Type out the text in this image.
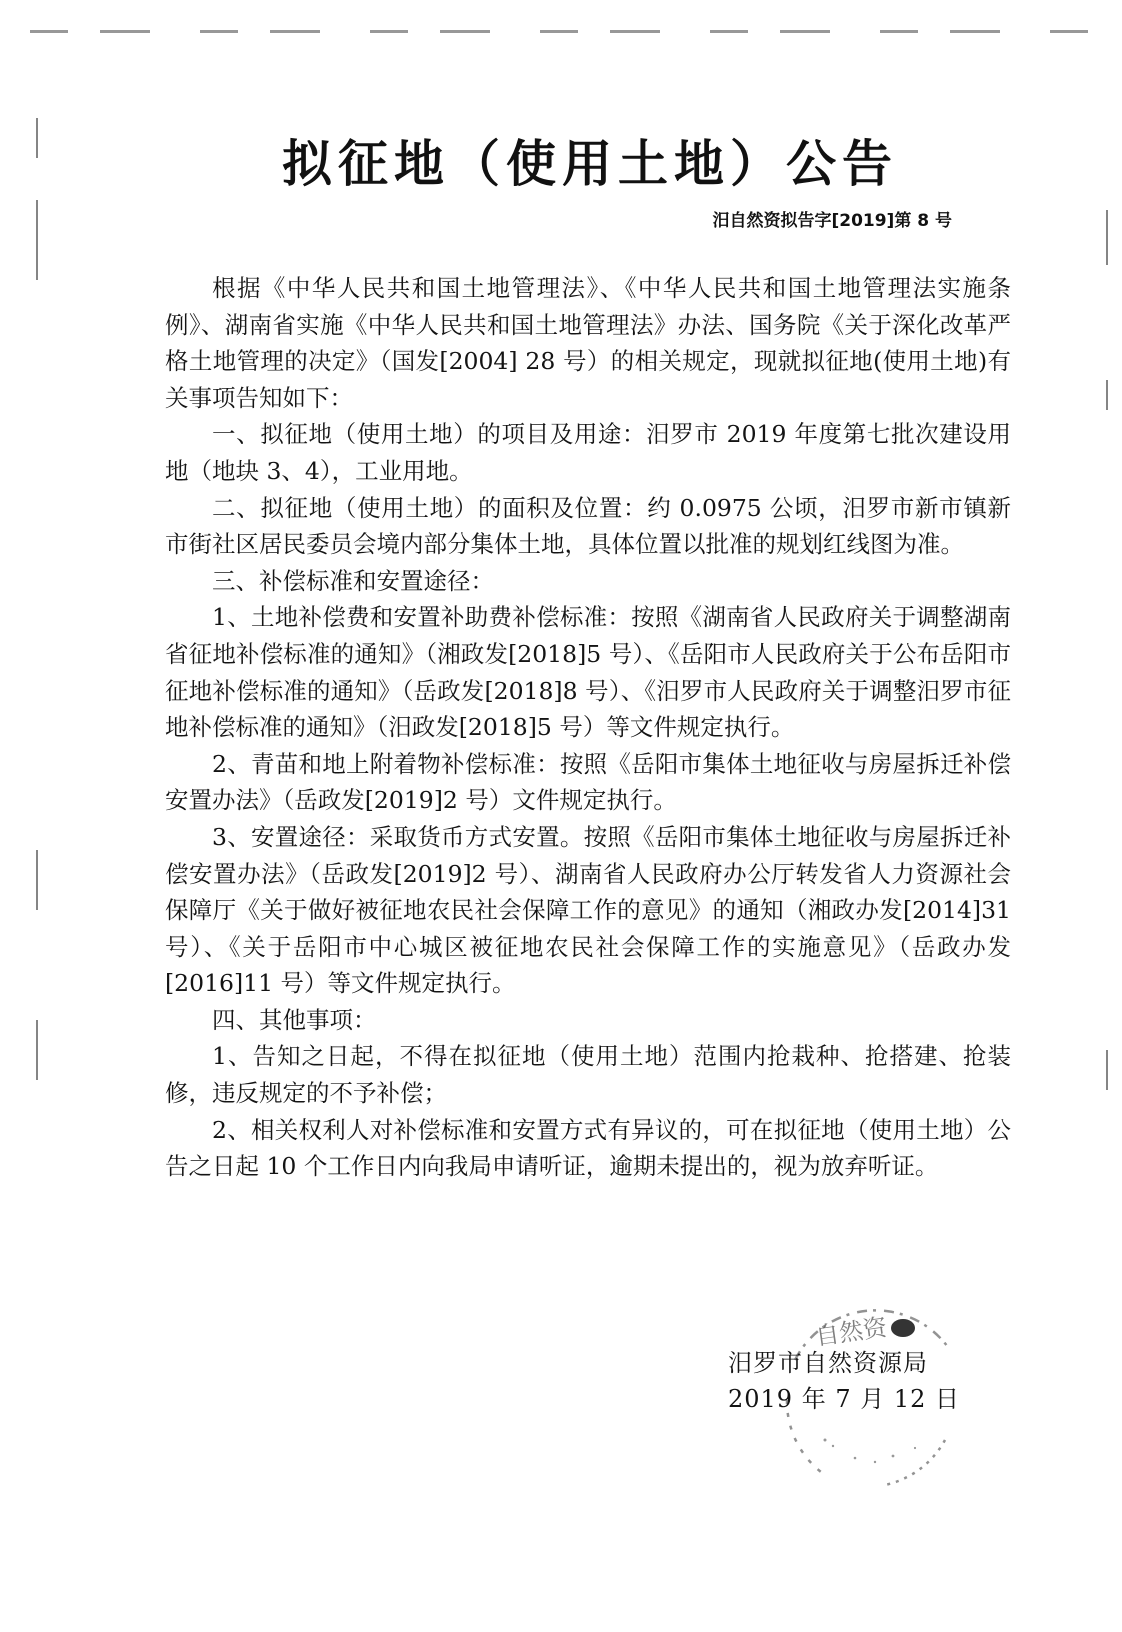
拟征地（使用土地）公告
汨自然资拟告字[2019]第 8 号

根据《中华人民共和国土地管理法》、《中华人民共和国土地管理法实施条例》、湖南省实施《中华人民共和国土地管理法》办法、国务院《关于深化改革严格土地管理的决定》（国发[2004] 28 号）的相关规定，现就拟征地(使用土地)有关事项告知如下：

一、拟征地（使用土地）的项目及用途：汨罗市 2019 年度第七批次建设用地（地块 3、4），工业用地。

二、拟征地（使用土地）的面积及位置：约 0.0975 公顷，汨罗市新市镇新市街社区居民委员会境内部分集体土地，具体位置以批准的规划红线图为准。

三、补偿标准和安置途径：

1、土地补偿费和安置补助费补偿标准：按照《湖南省人民政府关于调整湖南省征地补偿标准的通知》（湘政发[2018]5 号）、《岳阳市人民政府关于公布岳阳市征地补偿标准的通知》（岳政发[2018]8 号）、《汨罗市人民政府关于调整汨罗市征地补偿标准的通知》（汨政发[2018]5 号）等文件规定执行。

2、青苗和地上附着物补偿标准：按照《岳阳市集体土地征收与房屋拆迁补偿安置办法》（岳政发[2019]2 号）文件规定执行。

3、安置途径：采取货币方式安置。按照《岳阳市集体土地征收与房屋拆迁补偿安置办法》（岳政发[2019]2 号）、湖南省人民政府办公厅转发省人力资源社会保障厅《关于做好被征地农民社会保障工作的意见》的通知（湘政办发[2014]31 号）、《关于岳阳市中心城区被征地农民社会保障工作的实施意见》（岳政办发[2016]11 号）等文件规定执行。

四、其他事项：

1、告知之日起，不得在拟征地（使用土地）范围内抢栽种、抢搭建、抢装修，违反规定的不予补偿；

2、相关权利人对补偿标准和安置方式有异议的，可在拟征地（使用土地）公告之日起 10 个工作日内向我局申请听证，逾期未提出的，视为放弃听证。

自然资
汨罗市自然资源局
2019 年 7 月 12 日
